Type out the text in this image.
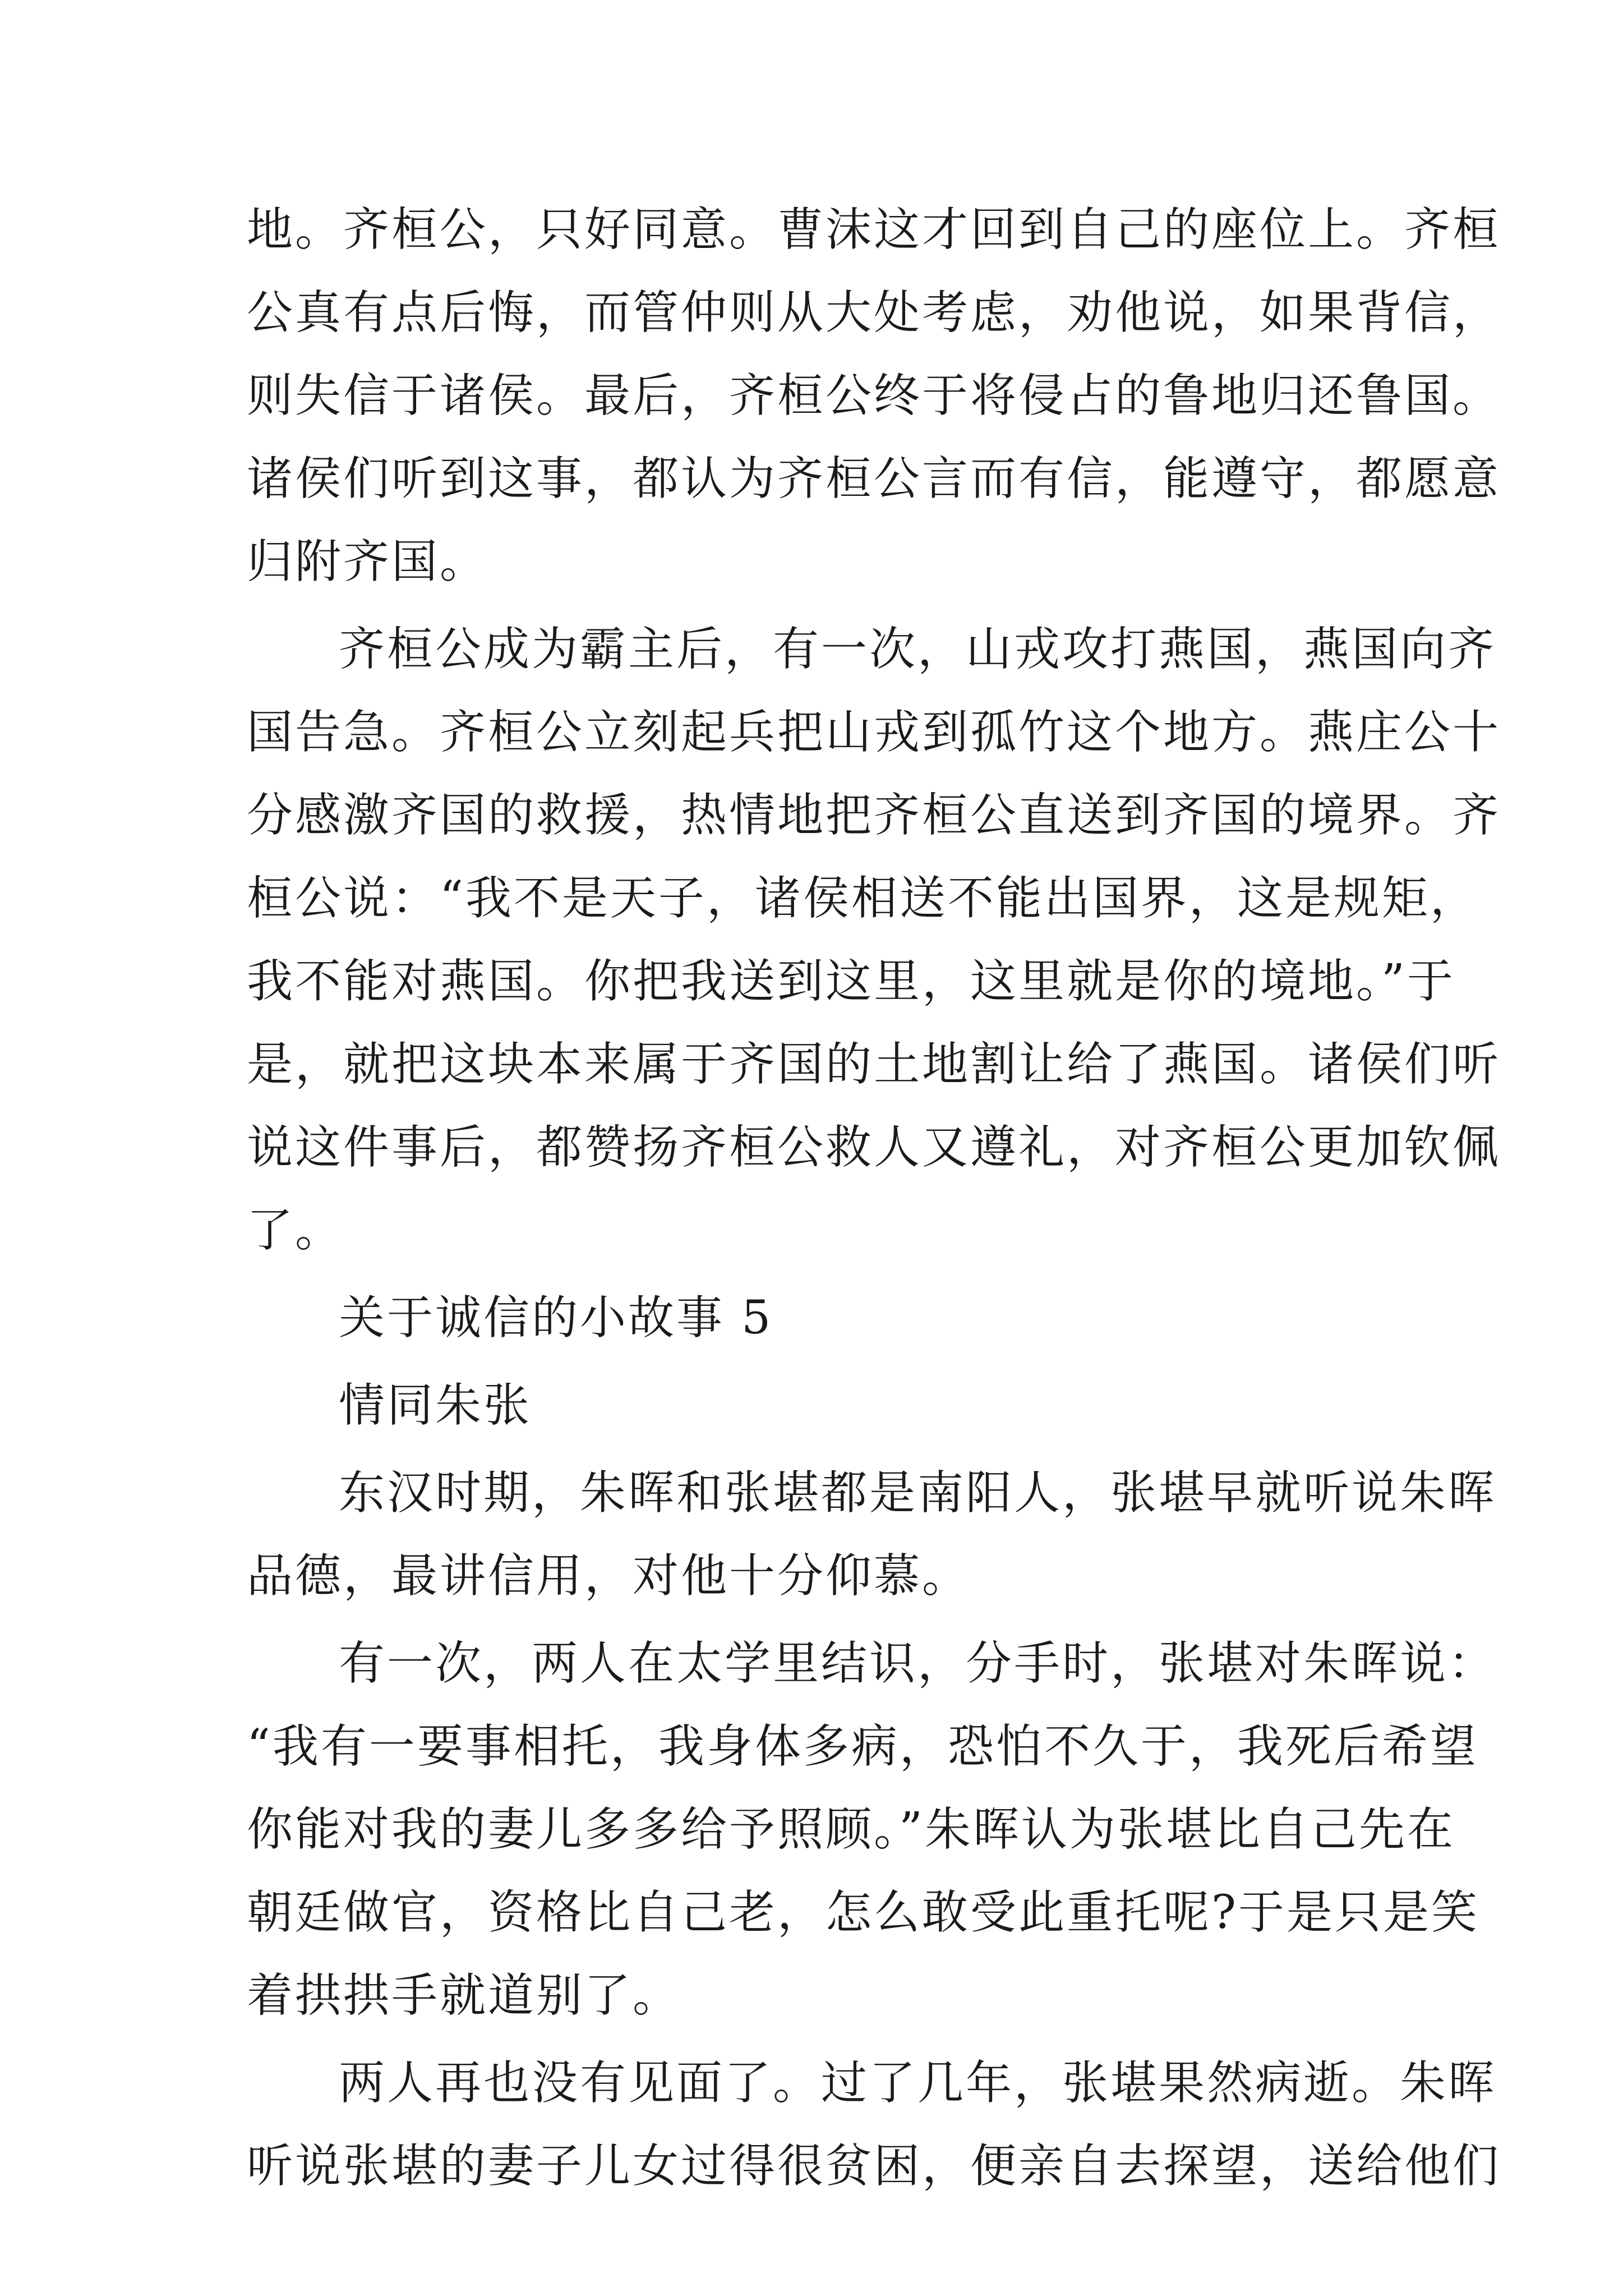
地。齐桓公，只好同意。曹沫这才回到自己的座位上。齐桓
公真有点后悔，而管仲则从大处考虑，劝他说，如果背信，
则失信于诸侯。最后，齐桓公终于将侵占的鲁地归还鲁国。
诸侯们听到这事，都认为齐桓公言而有信，能遵守，都愿意
归附齐国。
齐桓公成为霸主后，有一次，山戎攻打燕国，燕国向齐
国告急。齐桓公立刻起兵把山戎到孤竹这个地方。燕庄公十
分感激齐国的救援，热情地把齐桓公直送到齐国的境界。齐
桓公说：“我不是天子，诸侯相送不能出国界，这是规矩，
我不能对燕国。你把我送到这里，这里就是你的境地。”于
是，就把这块本来属于齐国的土地割让给了燕国。诸侯们听
说这件事后，都赞扬齐桓公救人又遵礼，对齐桓公更加钦佩
了。
关于诚信的小故事 5
情同朱张
东汉时期，朱晖和张堪都是南阳人，张堪早就听说朱晖
品德，最讲信用，对他十分仰慕。
有一次，两人在太学里结识，分手时，张堪对朱晖说：
“我有一要事相托，我身体多病，恐怕不久于，我死后希望
你能对我的妻儿多多给予照顾。”朱晖认为张堪比自己先在
朝廷做官，资格比自己老，怎么敢受此重托呢?于是只是笑
着拱拱手就道别了。
两人再也没有见面了。过了几年，张堪果然病逝。朱晖
听说张堪的妻子儿女过得很贫困，便亲自去探望，送给他们
